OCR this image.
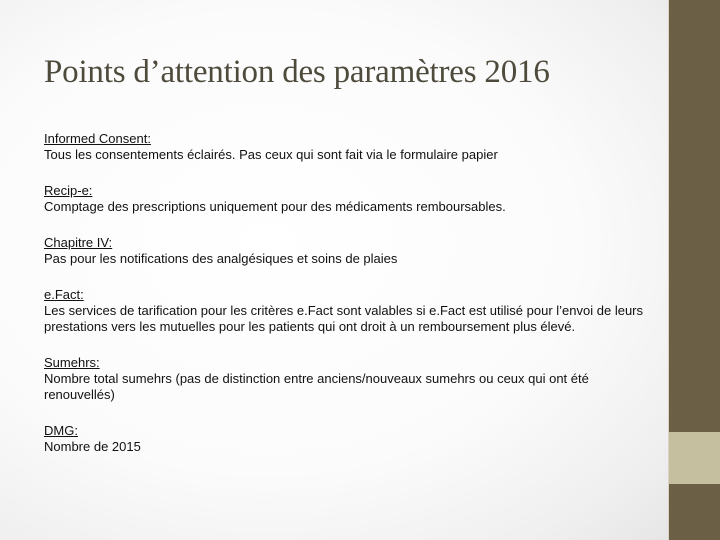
Points d’attention des paramètres 2016
Informed Consent:
Tous les consentements éclairés. Pas ceux qui sont fait via le formulaire papier
Recip-e:
Comptage des prescriptions uniquement pour des médicaments remboursables.
Chapitre IV:
Pas pour les notifications des analgésiques et soins de plaies
e.Fact:
Les services de tarification pour les critères e.Fact sont valables si e.Fact est utilisé pour l’envoi de leurs prestations vers les mutuelles pour les patients qui ont droit à un remboursement plus élevé.
Sumehrs:
Nombre total sumehrs (pas de distinction entre anciens/nouveaux sumehrs ou ceux qui ont été renouvellés)
DMG:
Nombre de 2015
